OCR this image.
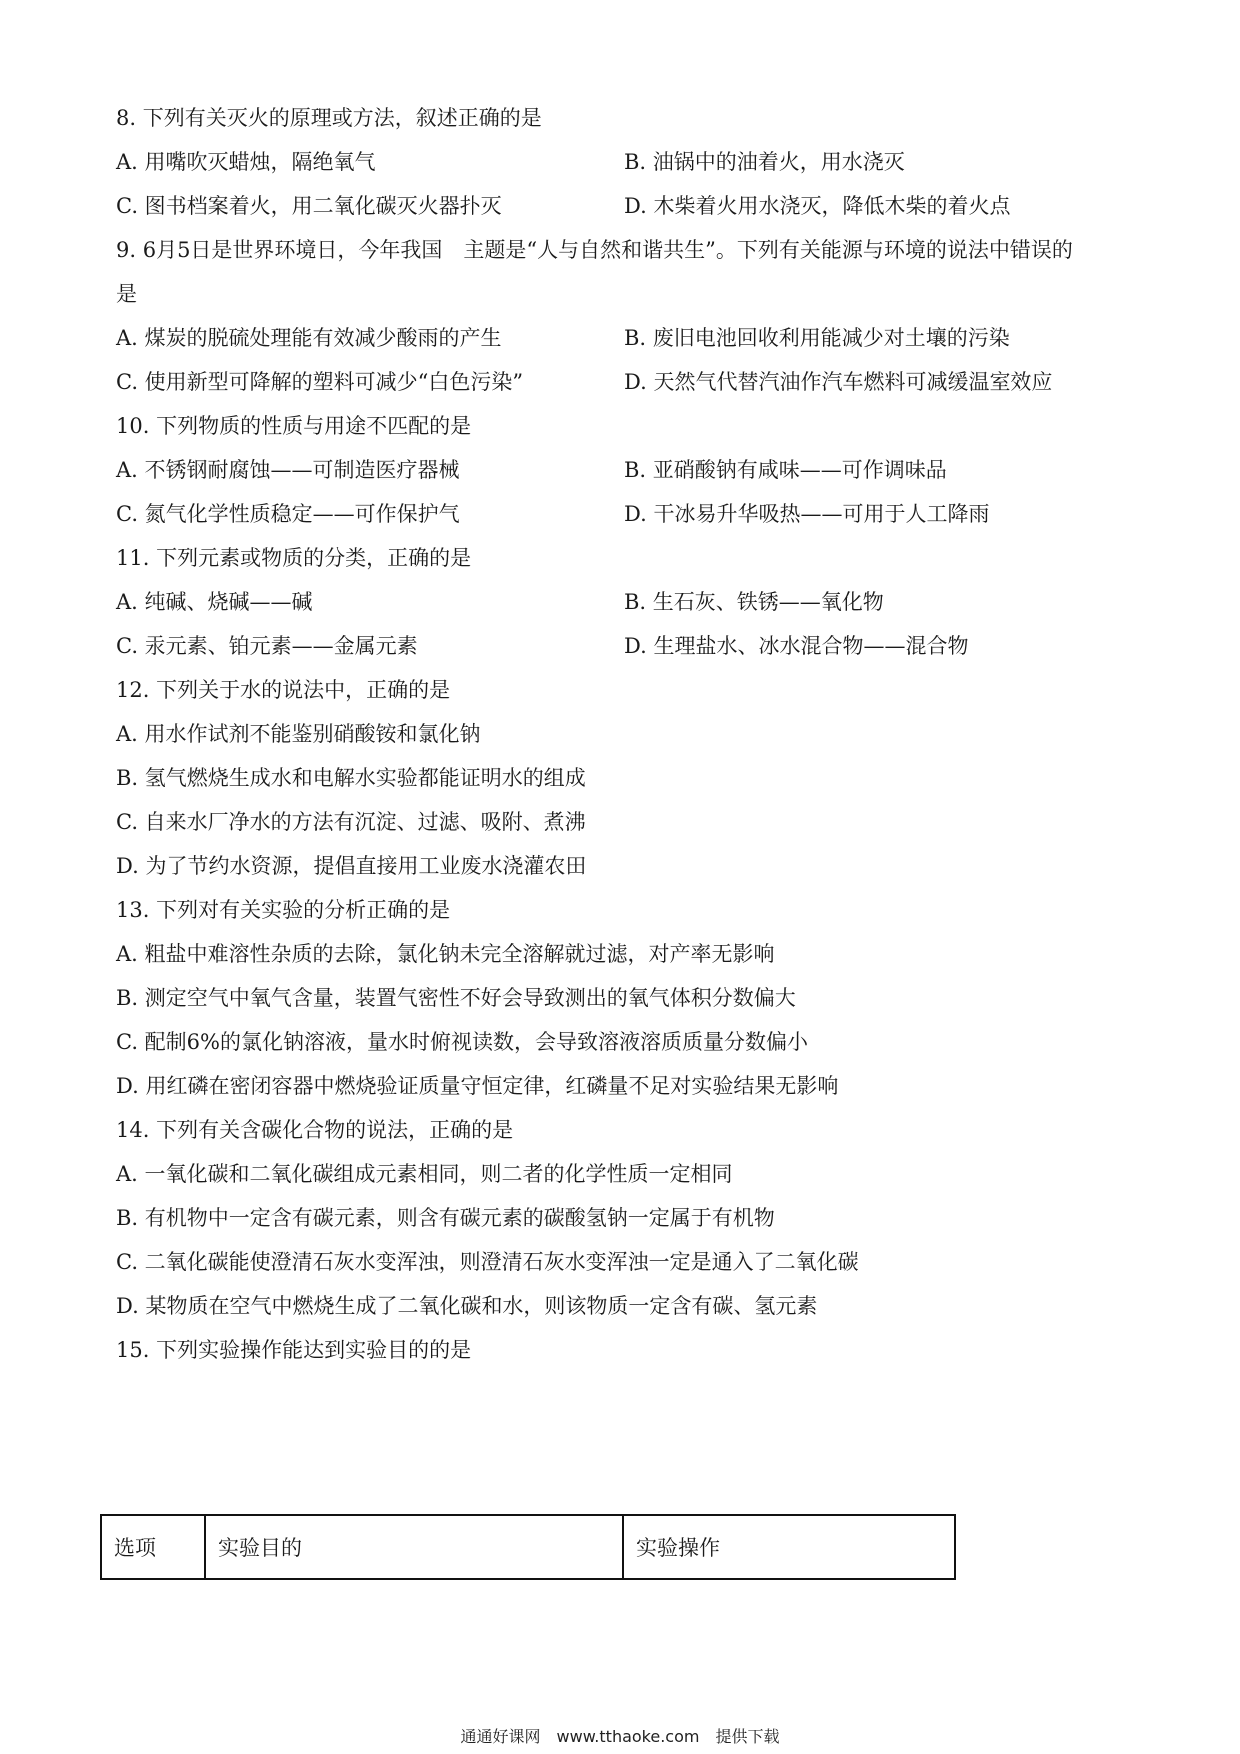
8. 下列有关灭火的原理或方法，叙述正确的是
A. 用嘴吹灭蜡烛，隔绝氧气	B. 油锅中的油着火，用水浇灭
C. 图书档案着火，用二氧化碳灭火器扑灭	D. 木柴着火用水浇灭，降低木柴的着火点
9. 6月5日是世界环境日，今年我国　主题是“人与自然和谐共生”。下列有关能源与环境的说法中错误的
是
A. 煤炭的脱硫处理能有效减少酸雨的产生	B. 废旧电池回收利用能减少对土壤的污染
C. 使用新型可降解的塑料可减少“白色污染”	D. 天然气代替汽油作汽车燃料可减缓温室效应
10. 下列物质的性质与用途不匹配的是
A. 不锈钢耐腐蚀——可制造医疗器械	B. 亚硝酸钠有咸味——可作调味品
C. 氮气化学性质稳定——可作保护气	D. 干冰易升华吸热——可用于人工降雨
11. 下列元素或物质的分类，正确的是
A. 纯碱、烧碱——碱	B. 生石灰、铁锈——氧化物
C. 汞元素、铂元素——金属元素	D. 生理盐水、冰水混合物——混合物
12. 下列关于水的说法中，正确的是
A. 用水作试剂不能鉴别硝酸铵和氯化钠
B. 氢气燃烧生成水和电解水实验都能证明水的组成
C. 自来水厂净水的方法有沉淀、过滤、吸附、煮沸
D. 为了节约水资源，提倡直接用工业废水浇灌农田
13. 下列对有关实验的分析正确的是
A. 粗盐中难溶性杂质的去除，氯化钠未完全溶解就过滤，对产率无影响
B. 测定空气中氧气含量，装置气密性不好会导致测出的氧气体积分数偏大
C. 配制6%的氯化钠溶液，量水时俯视读数，会导致溶液溶质质量分数偏小
D. 用红磷在密闭容器中燃烧验证质量守恒定律，红磷量不足对实验结果无影响
14. 下列有关含碳化合物的说法，正确的是
A. 一氧化碳和二氧化碳组成元素相同，则二者的化学性质一定相同
B. 有机物中一定含有碳元素，则含有碳元素的碳酸氢钠一定属于有机物
C. 二氧化碳能使澄清石灰水变浑浊，则澄清石灰水变浑浊一定是通入了二氧化碳
D. 某物质在空气中燃烧生成了二氧化碳和水，则该物质一定含有碳、氢元素
15. 下列实验操作能达到实验目的的是
选项	实验目的	实验操作
通通好课网　www.tthaoke.com　提供下载
